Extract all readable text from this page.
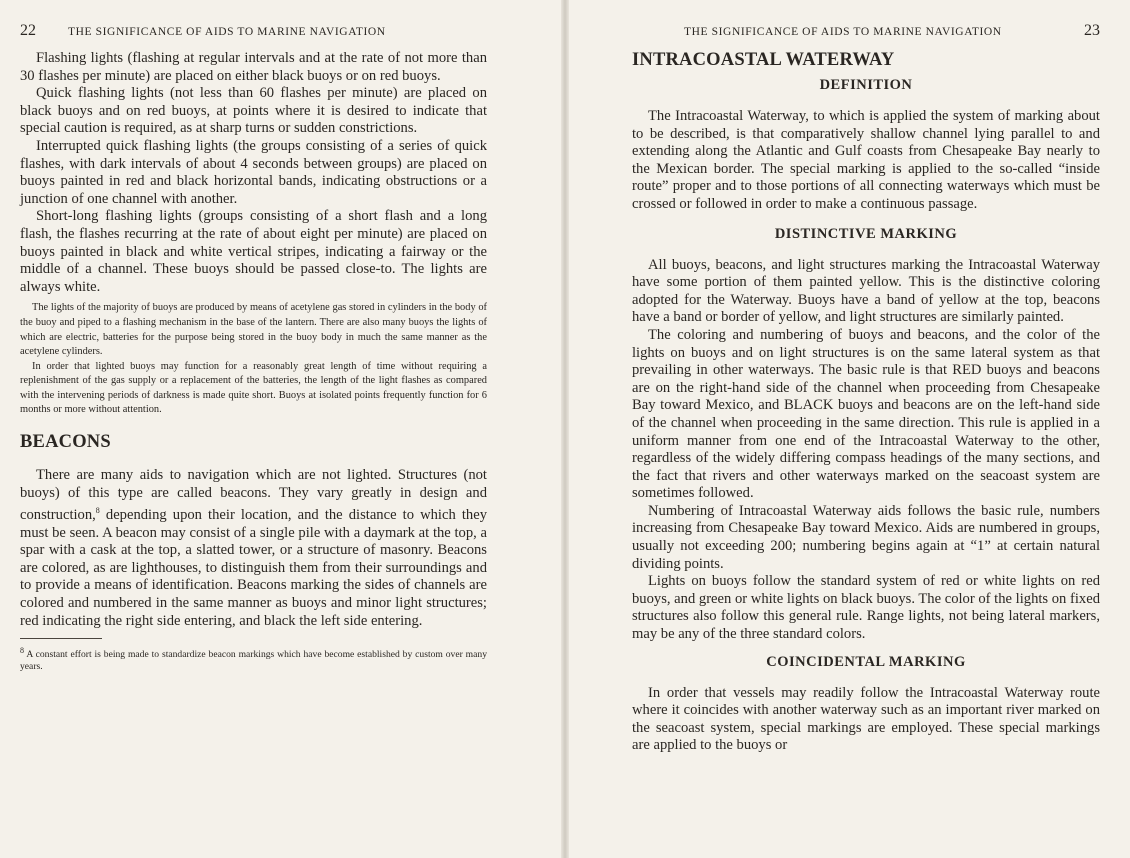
22	THE SIGNIFICANCE OF AIDS TO MARINE NAVIGATION

Flashing lights (flashing at regular intervals and at the rate of not more than 30 flashes per minute) are placed on either black buoys or on red buoys.

Quick flashing lights (not less than 60 flashes per minute) are placed on black buoys and on red buoys, at points where it is desired to indicate that special caution is required, as at sharp turns or sudden constrictions.

Interrupted quick flashing lights (the groups consisting of a series of quick flashes, with dark intervals of about 4 seconds between groups) are placed on buoys painted in red and black horizontal bands, indicating obstructions or a junction of one channel with another.

Short-long flashing lights (groups consisting of a short flash and a long flash, the flashes recurring at the rate of about eight per minute) are placed on buoys painted in black and white vertical stripes, indicating a fairway or the middle of a channel. These buoys should be passed close-to. The lights are always white.

The lights of the majority of buoys are produced by means of acetylene gas stored in cylinders in the body of the buoy and piped to a flashing mechanism in the base of the lantern. There are also many buoys the lights of which are electric, batteries for the purpose being stored in the buoy body in much the same manner as the acetylene cylinders.

In order that lighted buoys may function for a reasonably great length of time without requiring a replenishment of the gas supply or a replacement of the batteries, the length of the light flashes as compared with the intervening periods of darkness is made quite short. Buoys at isolated points frequently function for 6 months or more without attention.

BEACONS

There are many aids to navigation which are not lighted. Structures (not buoys) of this type are called beacons. They vary greatly in design and construction,$^8$ depending upon their location, and the distance to which they must be seen. A beacon may consist of a single pile with a daymark at the top, a spar with a cask at the top, a slatted tower, or a structure of masonry. Beacons are colored, as are lighthouses, to distinguish them from their surroundings and to provide a means of identification. Beacons marking the sides of channels are colored and numbered in the same manner as buoys and minor light structures; red indicating the right side entering, and black the left side entering.

$^8$ A constant effort is being made to standardize beacon markings which have become established by custom over many years.
THE SIGNIFICANCE OF AIDS TO MARINE NAVIGATION	23
INTRACOASTAL WATERWAY
DEFINITION

The Intracoastal Waterway, to which is applied the system of marking about to be described, is that comparatively shallow channel lying parallel to and extending along the Atlantic and Gulf coasts from Chesapeake Bay nearly to the Mexican border. The special marking is applied to the so-called “inside route” proper and to those portions of all connecting waterways which must be crossed or followed in order to make a continuous passage.

DISTINCTIVE MARKING

All buoys, beacons, and light structures marking the Intracoastal Waterway have some portion of them painted yellow. This is the distinctive coloring adopted for the Waterway. Buoys have a band of yellow at the top, beacons have a band or border of yellow, and light structures are similarly painted.

The coloring and numbering of buoys and beacons, and the color of the lights on buoys and on light structures is on the same lateral system as that prevailing in other waterways. The basic rule is that RED buoys and beacons are on the right-hand side of the channel when proceeding from Chesapeake Bay toward Mexico, and BLACK buoys and beacons are on the left-hand side of the channel when proceeding in the same direction. This rule is applied in a uniform manner from one end of the Intracoastal Waterway to the other, regardless of the widely differing compass headings of the many sections, and the fact that rivers and other waterways marked on the seacoast system are sometimes followed.

Numbering of Intracoastal Waterway aids follows the basic rule, numbers increasing from Chesapeake Bay toward Mexico. Aids are numbered in groups, usually not exceeding 200; numbering begins again at “1” at certain natural dividing points.

Lights on buoys follow the standard system of red or white lights on red buoys, and green or white lights on black buoys. The color of the lights on fixed structures also follow this general rule. Range lights, not being lateral markers, may be any of the three standard colors.

COINCIDENTAL MARKING

In order that vessels may readily follow the Intracoastal Waterway route where it coincides with another waterway such as an important river marked on the seacoast system, special markings are employed. These special markings are applied to the buoys or
